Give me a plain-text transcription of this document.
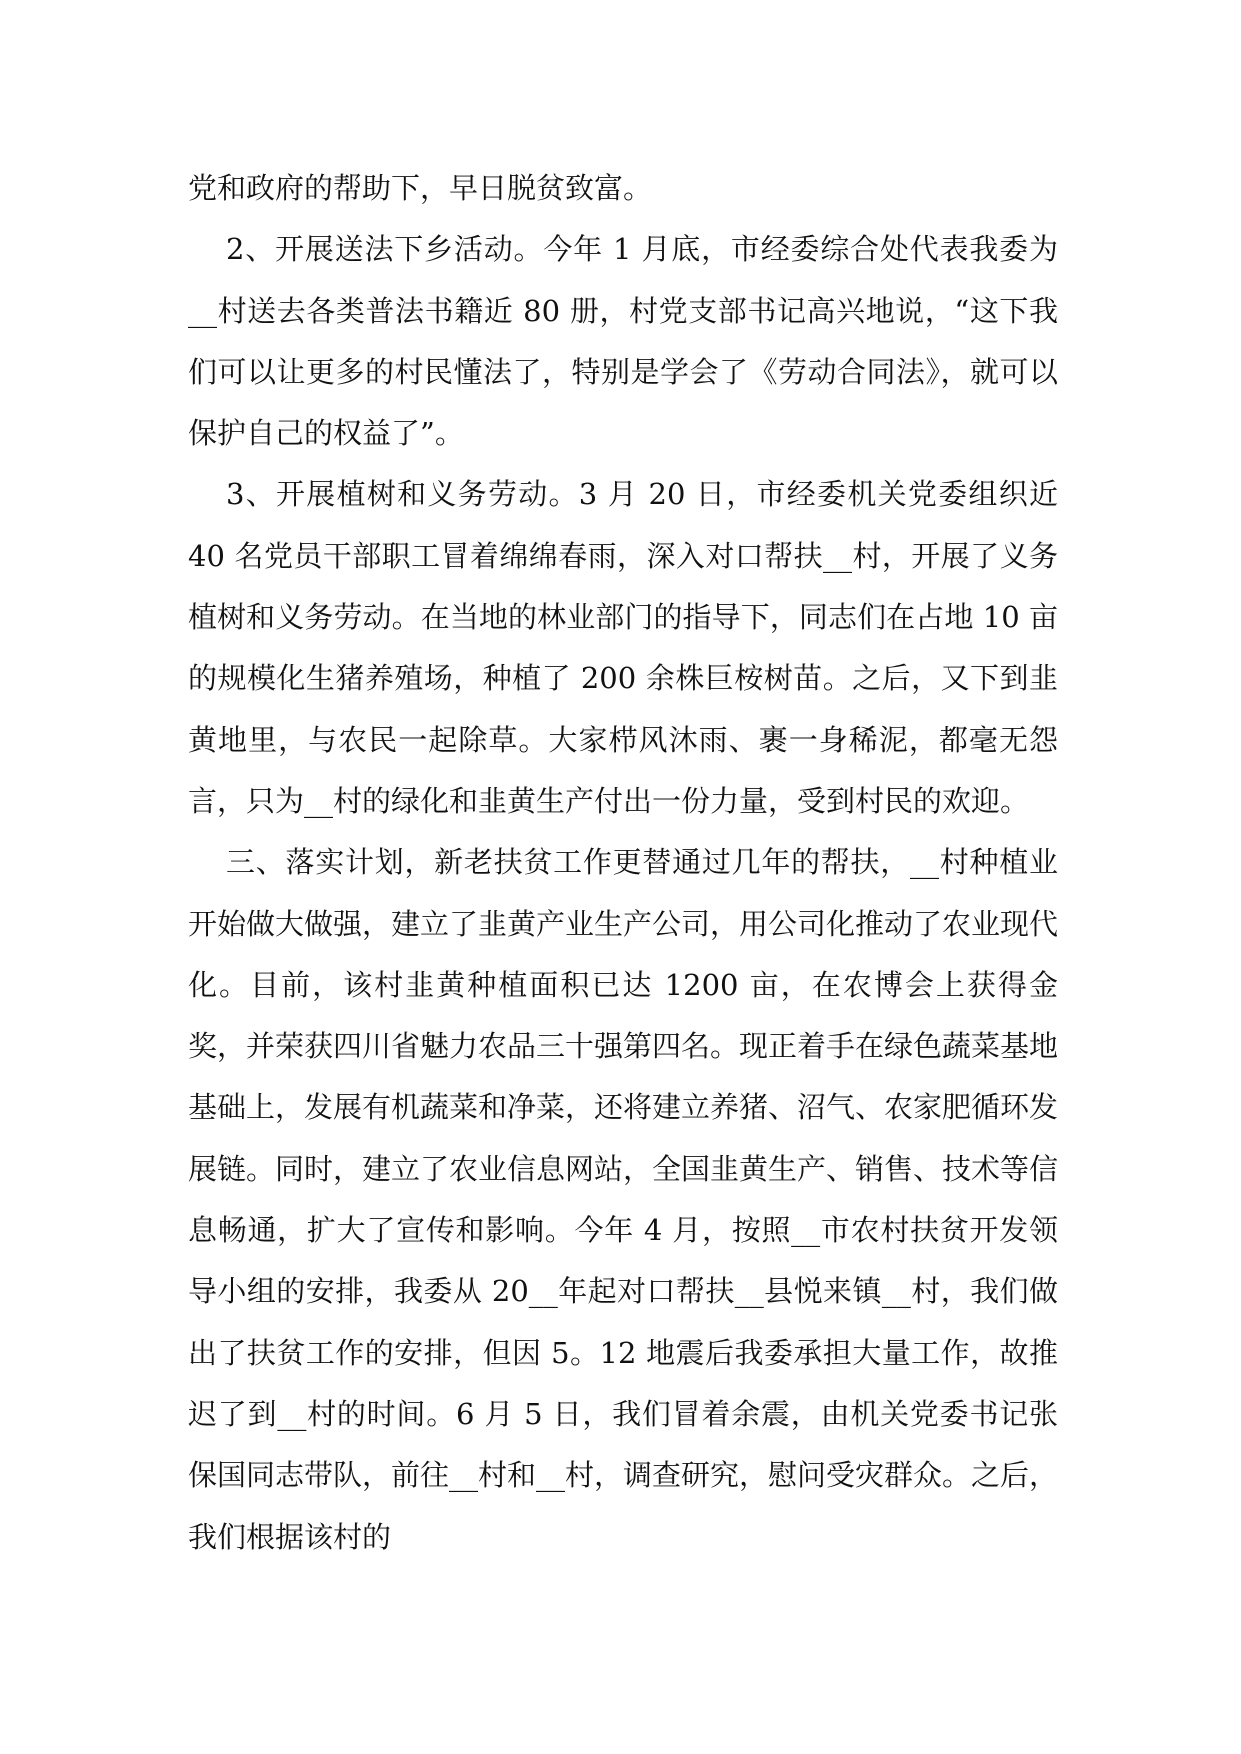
党和政府的帮助下，早日脱贫致富。

2、开展送法下乡活动。今年 1 月底，市经委综合处代表我委为__村送去各类普法书籍近 80 册，村党支部书记高兴地说，“这下我们可以让更多的村民懂法了，特别是学会了《劳动合同法》，就可以保护自己的权益了”。

3、开展植树和义务劳动。3 月 20 日，市经委机关党委组织近 40 名党员干部职工冒着绵绵春雨，深入对口帮扶__村，开展了义务植树和义务劳动。在当地的林业部门的指导下，同志们在占地 10 亩的规模化生猪养殖场，种植了 200 余株巨桉树苗。之后，又下到韭黄地里，与农民一起除草。大家栉风沐雨、裹一身稀泥，都毫无怨言，只为__村的绿化和韭黄生产付出一份力量，受到村民的欢迎。

三、落实计划，新老扶贫工作更替通过几年的帮扶，__村种植业开始做大做强，建立了韭黄产业生产公司，用公司化推动了农业现代化。目前，该村韭黄种植面积已达 1200 亩，在农博会上获得金奖，并荣获四川省魅力农品三十强第四名。现正着手在绿色蔬菜基地基础上，发展有机蔬菜和净菜，还将建立养猪、沼气、农家肥循环发展链。同时，建立了农业信息网站，全国韭黄生产、销售、技术等信息畅通，扩大了宣传和影响。今年 4 月，按照__市农村扶贫开发领导小组的安排，我委从 20__年起对口帮扶__县悦来镇__村，我们做出了扶贫工作的安排，但因 5。12 地震后我委承担大量工作，故推迟了到__村的时间。6 月 5 日，我们冒着余震，由机关党委书记张保国同志带队，前往__村和__村，调查研究，慰问受灾群众。之后，我们根据该村的
